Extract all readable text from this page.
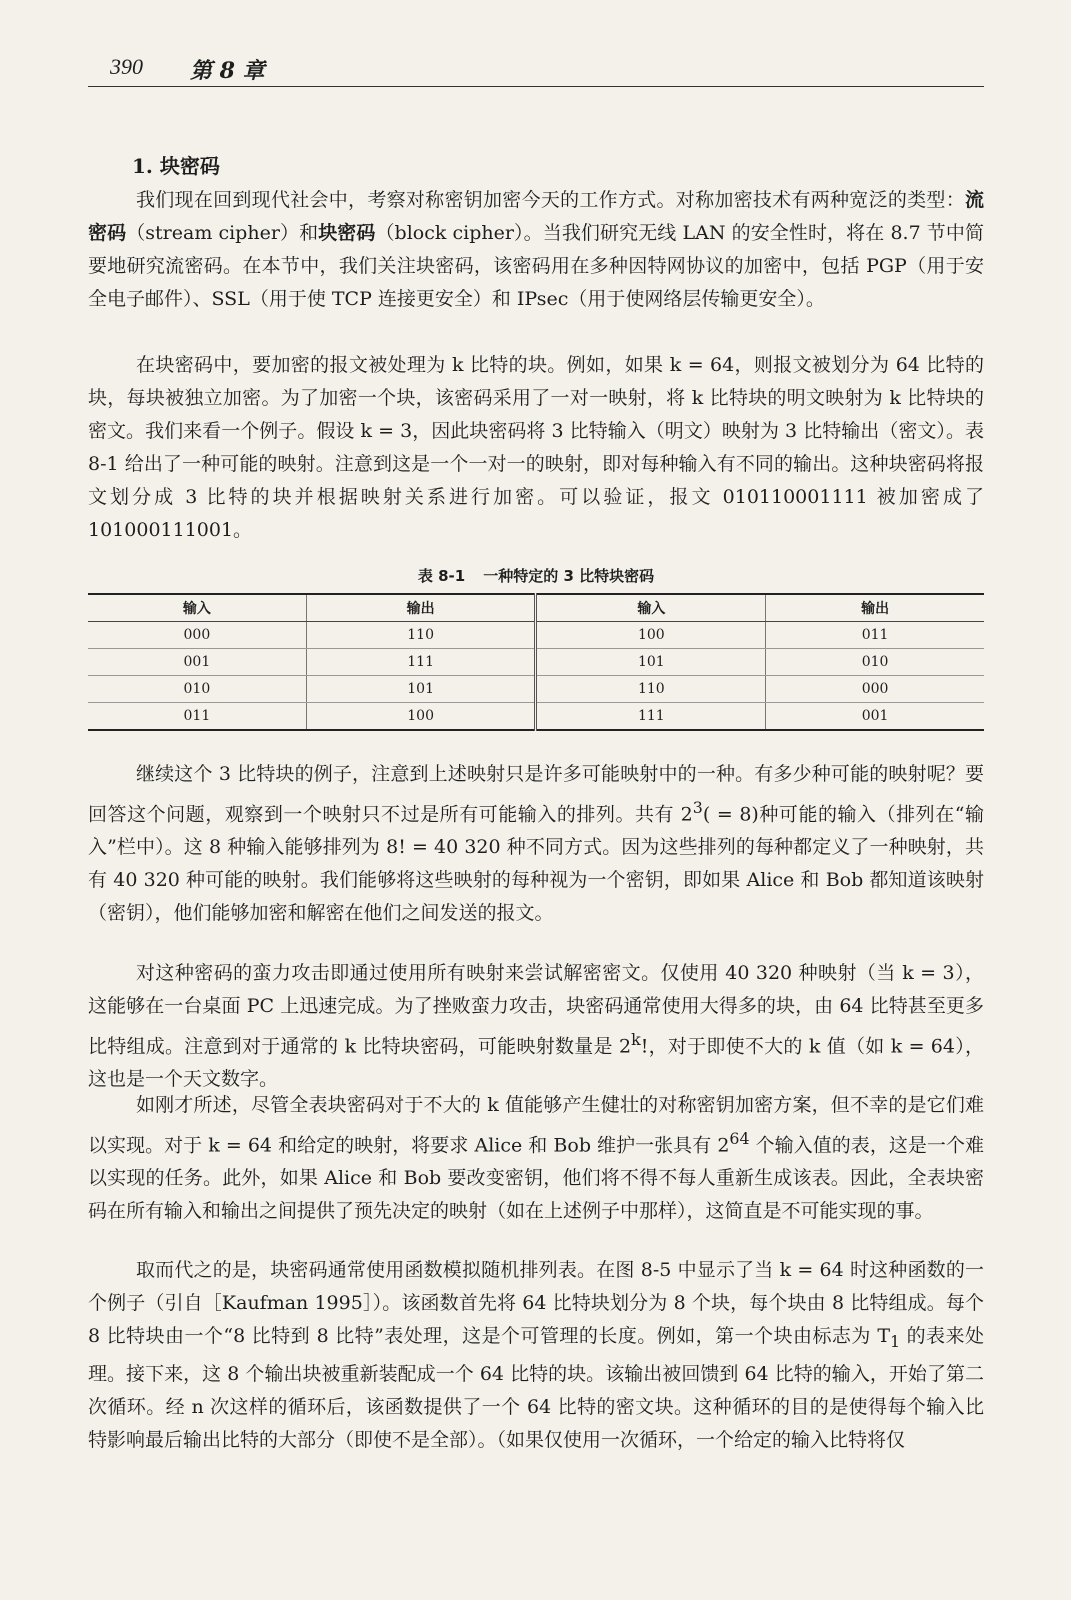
390 第 8 章
1. 块密码

我们现在回到现代社会中，考察对称密钥加密今天的工作方式。对称加密技术有两种宽泛的类型：流密码（stream cipher）和块密码（block cipher）。当我们研究无线 LAN 的安全性时，将在 8.7 节中简要地研究流密码。在本节中，我们关注块密码，该密码用在多种因特网协议的加密中，包括 PGP（用于安全电子邮件）、SSL（用于使 TCP 连接更安全）和 IPsec（用于使网络层传输更安全）。

在块密码中，要加密的报文被处理为 k 比特的块。例如，如果 k = 64，则报文被划分为 64 比特的块，每块被独立加密。为了加密一个块，该密码采用了一对一映射，将 k 比特块的明文映射为 k 比特块的密文。我们来看一个例子。假设 k = 3，因此块密码将 3 比特输入（明文）映射为 3 比特输出（密文）。表 8-1 给出了一种可能的映射。注意到这是一个一对一的映射，即对每种输入有不同的输出。这种块密码将报文划分成 3 比特的块并根据映射关系进行加密。可以验证，报文 010110001111 被加密成了 101000111001。

表 8-1 一种特定的 3 比特块密码
输入	输出	输入	输出
000	110	100	011
001	111	101	010
010	101	110	000
011	100	111	001

继续这个 3 比特块的例子，注意到上述映射只是许多可能映射中的一种。有多少种可能的映射呢？要回答这个问题，观察到一个映射只不过是所有可能输入的排列。共有 $2^3( = 8)$种可能的输入（排列在“输入”栏中）。这 8 种输入能够排列为 8! = 40 320 种不同方式。因为这些排列的每种都定义了一种映射，共有 40 320 种可能的映射。我们能够将这些映射的每种视为一个密钥，即如果 Alice 和 Bob 都知道该映射（密钥），他们能够加密和解密在他们之间发送的报文。

对这种密码的蛮力攻击即通过使用所有映射来尝试解密密文。仅使用 40 320 种映射（当 k = 3），这能够在一台桌面 PC 上迅速完成。为了挫败蛮力攻击，块密码通常使用大得多的块，由 64 比特甚至更多比特组成。注意到对于通常的 k 比特块密码，可能映射数量是 2$^k$!，对于即使不大的 k 值（如 k = 64），这也是一个天文数字。

如刚才所述，尽管全表块密码对于不大的 k 值能够产生健壮的对称密钥加密方案，但不幸的是它们难以实现。对于 k = 64 和给定的映射，将要求 Alice 和 Bob 维护一张具有 $2^{64}$ 个输入值的表，这是一个难以实现的任务。此外，如果 Alice 和 Bob 要改变密钥，他们将不得不每人重新生成该表。因此，全表块密码在所有输入和输出之间提供了预先决定的映射（如在上述例子中那样），这简直是不可能实现的事。

取而代之的是，块密码通常使用函数模拟随机排列表。在图 8-5 中显示了当 k = 64 时这种函数的一个例子（引自［Kaufman 1995］）。该函数首先将 64 比特块划分为 8 个块，每个块由 8 比特组成。每个 8 比特块由一个“8 比特到 8 比特”表处理，这是个可管理的长度。例如，第一个块由标志为 $T_1$ 的表来处理。接下来，这 8 个输出块被重新装配成一个 64 比特的块。该输出被回馈到 64 比特的输入，开始了第二次循环。经 n 次这样的循环后，该函数提供了一个 64 比特的密文块。这种循环的目的是使得每个输入比特影响最后输出比特的大部分（即使不是全部）。（如果仅使用一次循环，一个给定的输入比特将仅
